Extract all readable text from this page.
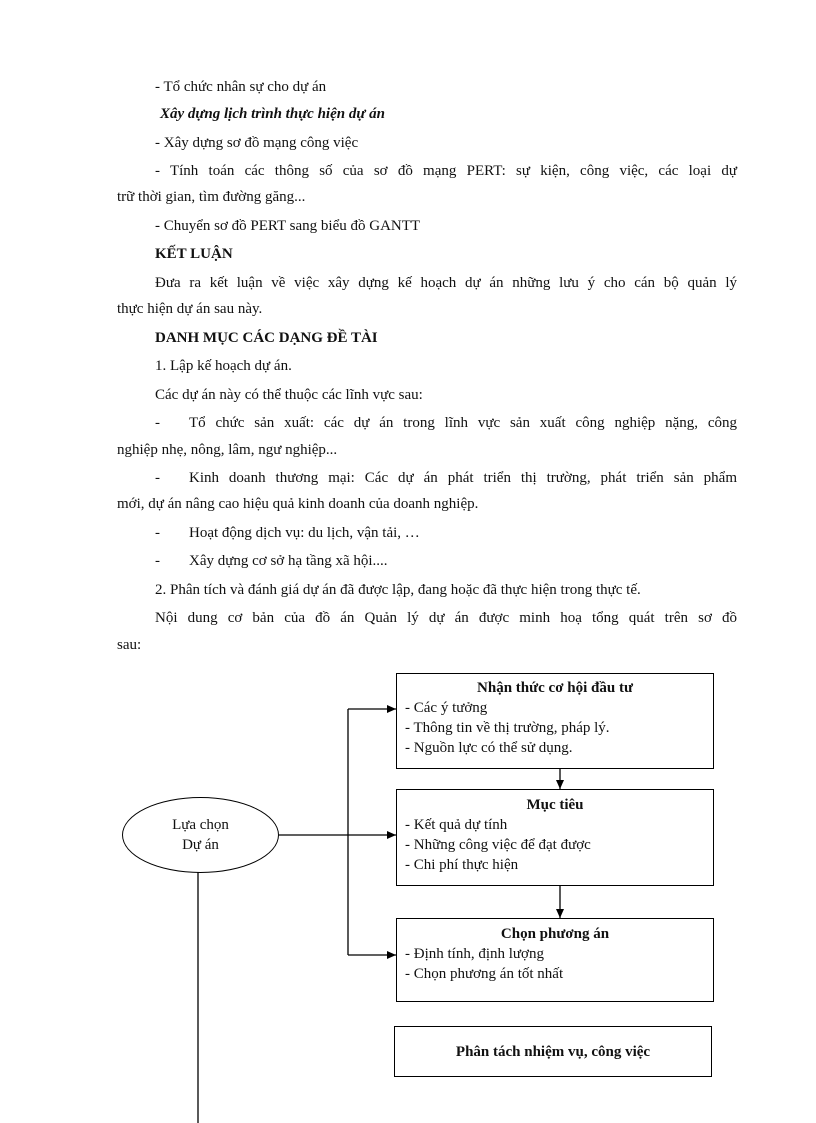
- Tổ chức nhân sự cho dự án
Xây dựng lịch trình thực hiện dự án
- Xây dựng sơ đồ mạng công việc
- Tính toán các thông số của sơ đồ mạng PERT: sự kiện, công việc, các loại dự
trữ thời gian, tìm đường găng...
- Chuyển sơ đồ PERT sang biểu đồ GANTT
KẾT LUẬN
Đưa ra kết luận về việc xây dựng kế hoạch dự án những lưu ý cho cán bộ quản lý
thực hiện dự án sau này.
DANH MỤC CÁC DẠNG ĐỀ TÀI
1. Lập kế hoạch dự án.
Các dự án này có thể thuộc các lĩnh vực sau:
- Tổ chức sản xuất: các dự án trong lĩnh vực sản xuất công nghiệp nặng, công
nghiệp nhẹ, nông, lâm, ngư nghiệp...
- Kinh doanh thương mại: Các dự án phát triển thị trường, phát triển sản phẩm
mới, dự án nâng cao hiệu quả kinh doanh của doanh nghiệp.
- Hoạt động dịch vụ: du lịch, vận tải, …
- Xây dựng cơ sở hạ tầng xã hội....
2. Phân tích và đánh giá dự án đã được lập, đang hoặc đã thực hiện trong thực tế.
Nội dung cơ bản của đồ án Quản lý dự án được minh hoạ tổng quát trên sơ đồ
sau:
Lựa chọn
Dự án
Nhận thức cơ hội đầu tư
- Các ý tưởng
- Thông tin về thị trường, pháp lý.
- Nguồn lực có thể sử dụng.
Mục tiêu
- Kết quả dự tính
- Những công việc để đạt được
- Chi phí thực hiện
Chọn phương án
- Định tính, định lượng
- Chọn phương án tốt nhất
Phân tách nhiệm vụ, công việc
